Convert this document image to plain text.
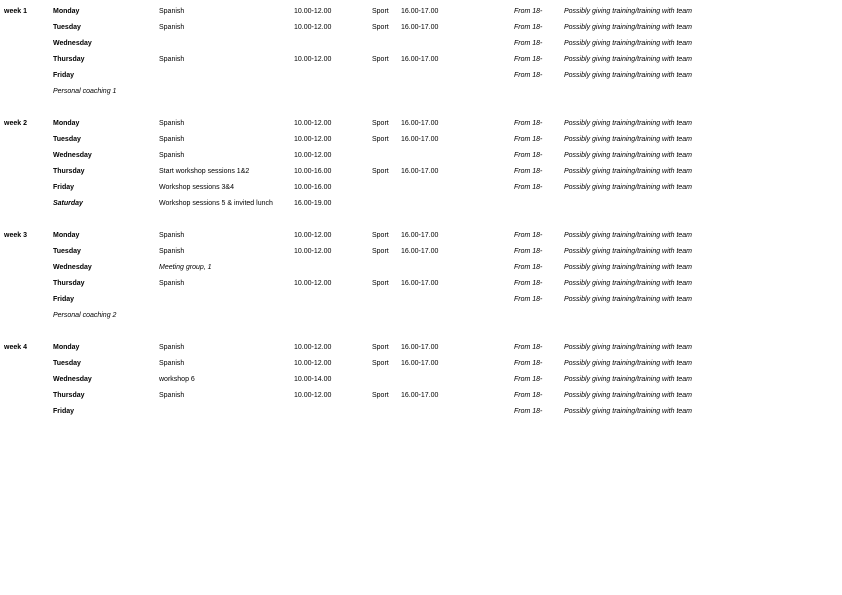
week 1	Monday	Spanish	10.00-12.00	Sport 16.00-17.00	From 18-	Possibly giving training/training with team
Tuesday	Spanish	10.00-12.00	Sport 16.00-17.00	From 18-	Possibly giving training/training with team
Wednesday	From 18-	Possibly giving training/training with team
Thursday	Spanish	10.00-12.00	Sport 16.00-17.00	From 18-	Possibly giving training/training with team
Friday	From 18-	Possibly giving training/training with team
Personal coaching 1
week 2	Monday	Spanish	10.00-12.00	Sport 16.00-17.00	From 18-	Possibly giving training/training with team
Tuesday	Spanish	10.00-12.00	Sport 16.00-17.00	From 18-	Possibly giving training/training with team
Wednesday	Spanish	10.00-12.00	From 18-	Possibly giving training/training with team
Thursday	Start workshop sessions 1&2	10.00-16.00	Sport 16.00-17.00	From 18-	Possibly giving training/training with team
Friday	Workshop sessions 3&4	10.00-16.00	From 18-	Possibly giving training/training with team
Saturday	Workshop sessions 5 & invited lunch	16.00-19.00
week 3	Monday	Spanish	10.00-12.00	Sport 16.00-17.00	From 18-	Possibly giving training/training with team
Tuesday	Spanish	10.00-12.00	Sport 16.00-17.00	From 18-	Possibly giving training/training with team
Wednesday	Meeting group, 1	From 18-	Possibly giving training/training with team
Thursday	Spanish	10.00-12.00	Sport 16.00-17.00	From 18-	Possibly giving training/training with team
Friday	From 18-	Possibly giving training/training with team
Personal coaching 2
week 4	Monday	Spanish	10.00-12.00	Sport 16.00-17.00	From 18-	Possibly giving training/training with team
Tuesday	Spanish	10.00-12.00	Sport 16.00-17.00	From 18-	Possibly giving training/training with team
Wednesday	workshop 6	10.00-14.00	From 18-	Possibly giving training/training with team
Thursday	Spanish	10.00-12.00	Sport 16.00-17.00	From 18-	Possibly giving training/training with team
Friday	From 18-	Possibly giving training/training with team
